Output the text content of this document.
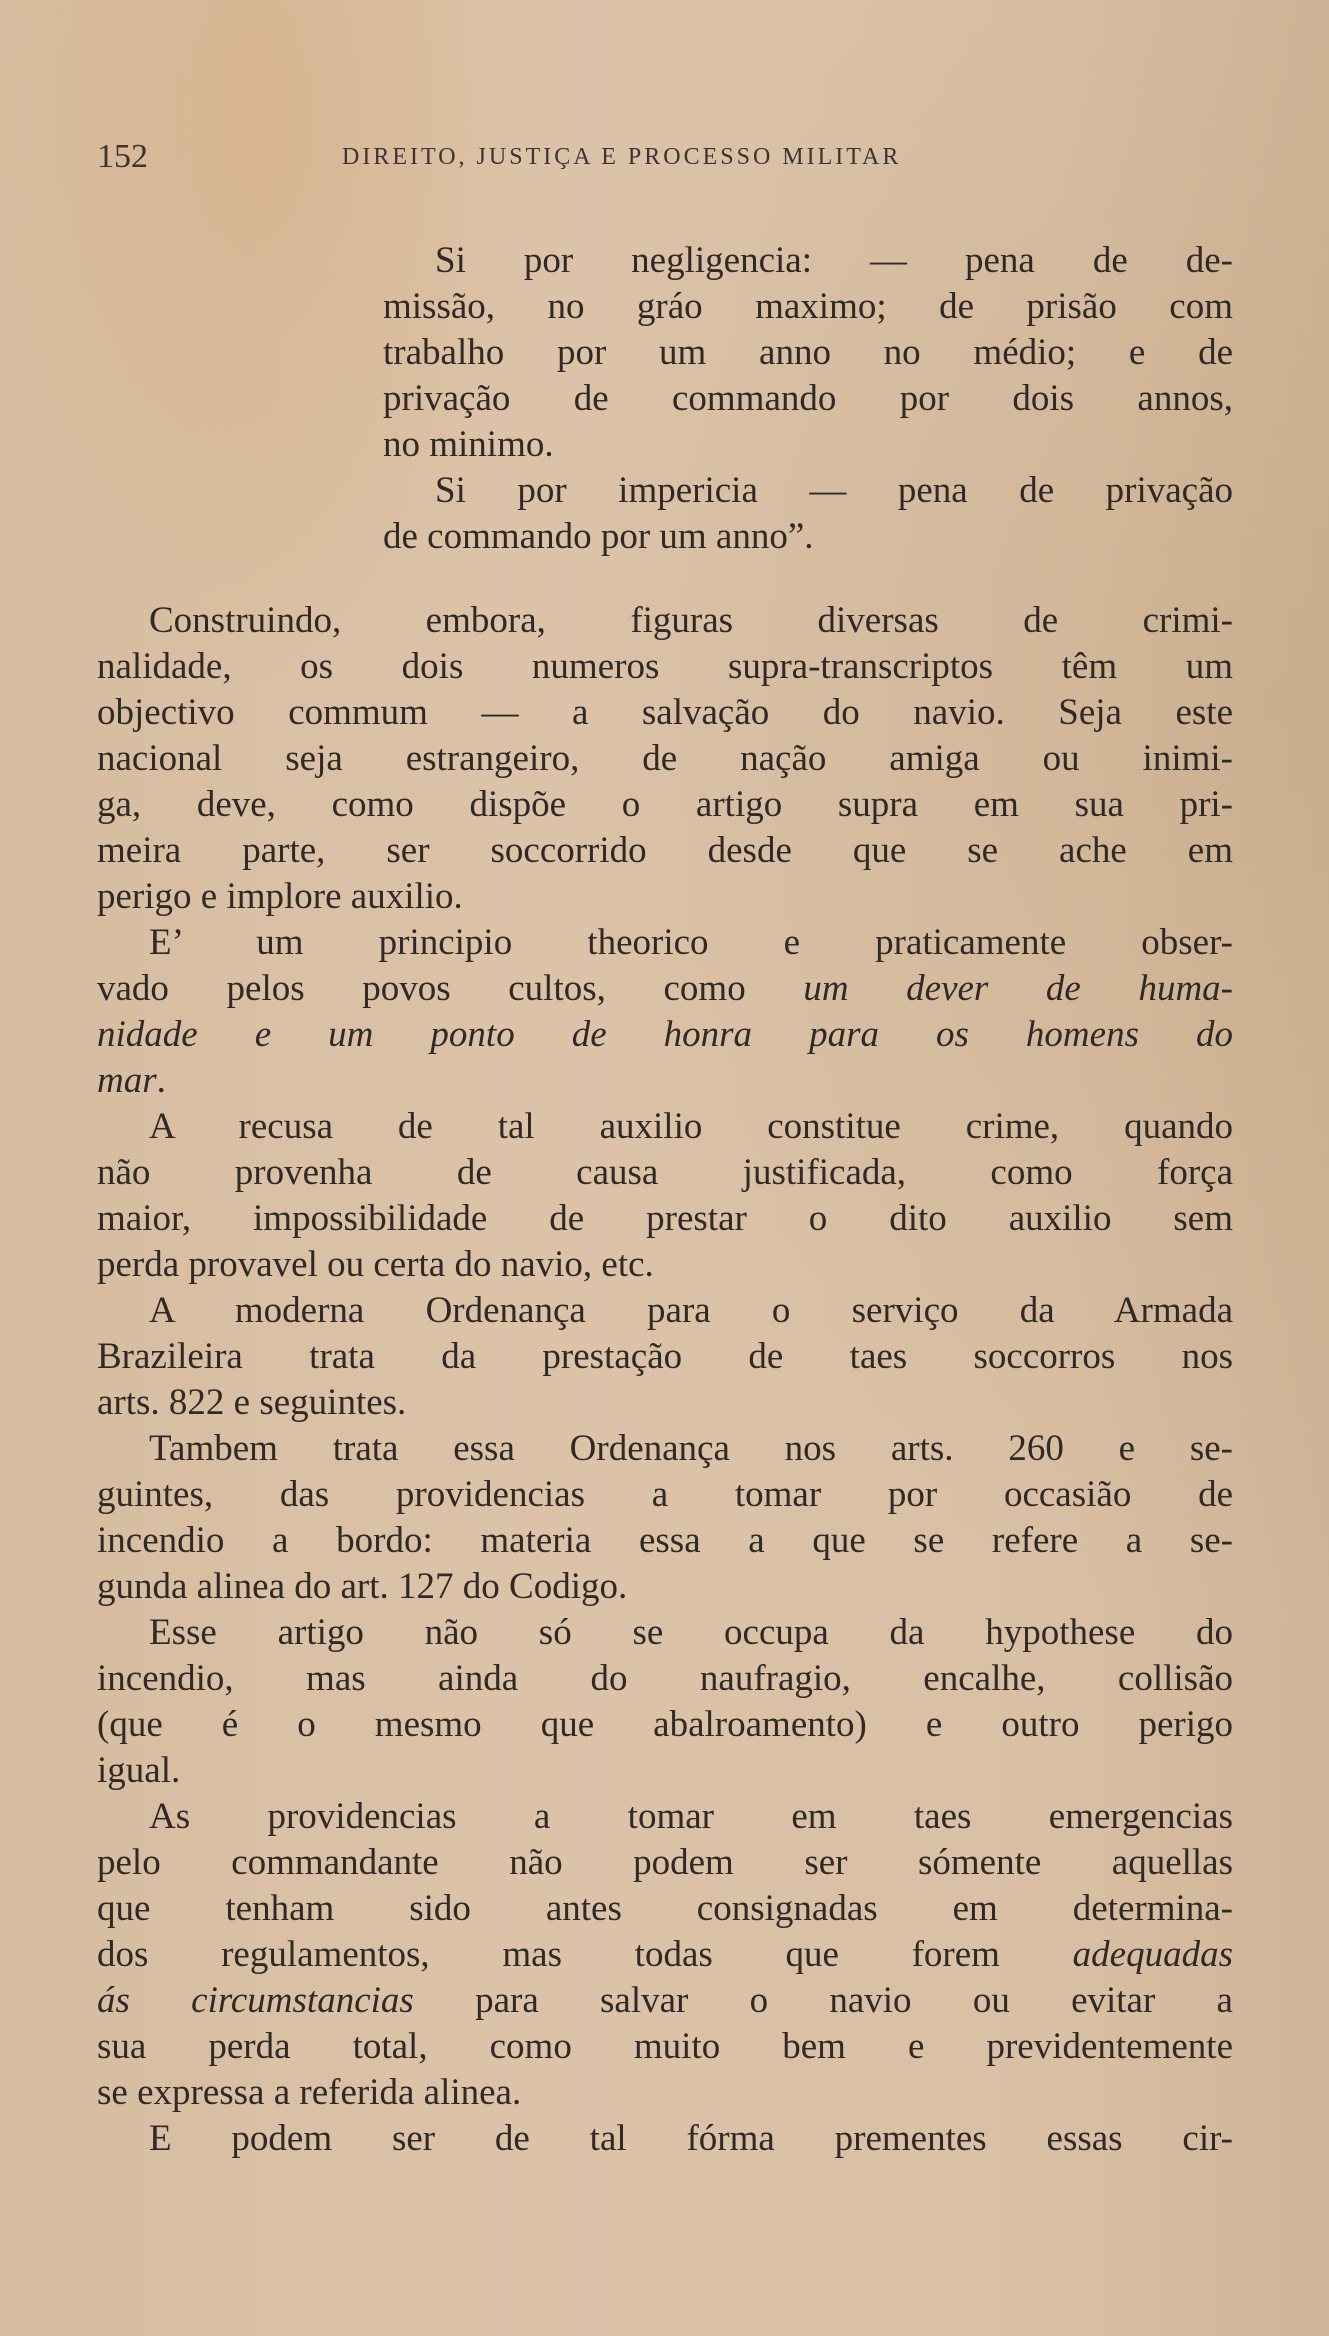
152	DIREITO, JUSTIÇA E PROCESSO MILITAR
Si por negligencia: — pena de de-
missão, no gráo maximo; de prisão com
trabalho por um anno no médio; e de
privação de commando por dois annos,
no minimo.
Si por impericia — pena de privação
de commando por um anno”.
Construindo, embora, figuras diversas de crimi-
nalidade, os dois numeros supra-transcriptos têm um
objectivo commum — a salvação do navio. Seja este
nacional seja estrangeiro, de nação amiga ou inimi-
ga, deve, como dispõe o artigo supra em sua pri-
meira parte, ser soccorrido desde que se ache em
perigo e implore auxilio.
E’ um principio theorico e praticamente obser-
vado pelos povos cultos, como um dever de huma-
nidade e um ponto de honra para os homens do
mar.
A recusa de tal auxilio constitue crime, quando
não provenha de causa justificada, como força
maior, impossibilidade de prestar o dito auxilio sem
perda provavel ou certa do navio, etc.
A moderna Ordenança para o serviço da Armada
Brazileira trata da prestação de taes soccorros nos
arts. 822 e seguintes.
Tambem trata essa Ordenança nos arts. 260 e se-
guintes, das providencias a tomar por occasião de
incendio a bordo: materia essa a que se refere a se-
gunda alinea do art. 127 do Codigo.
Esse artigo não só se occupa da hypothese do
incendio, mas ainda do naufragio, encalhe, collisão
(que é o mesmo que abalroamento) e outro perigo
igual.
As providencias a tomar em taes emergencias
pelo commandante não podem ser sómente aquellas
que tenham sido antes consignadas em determina-
dos regulamentos, mas todas que forem adequadas
ás circumstancias para salvar o navio ou evitar a
sua perda total, como muito bem e previdentemente
se expressa a referida alinea.
E podem ser de tal fórma prementes essas cir-
